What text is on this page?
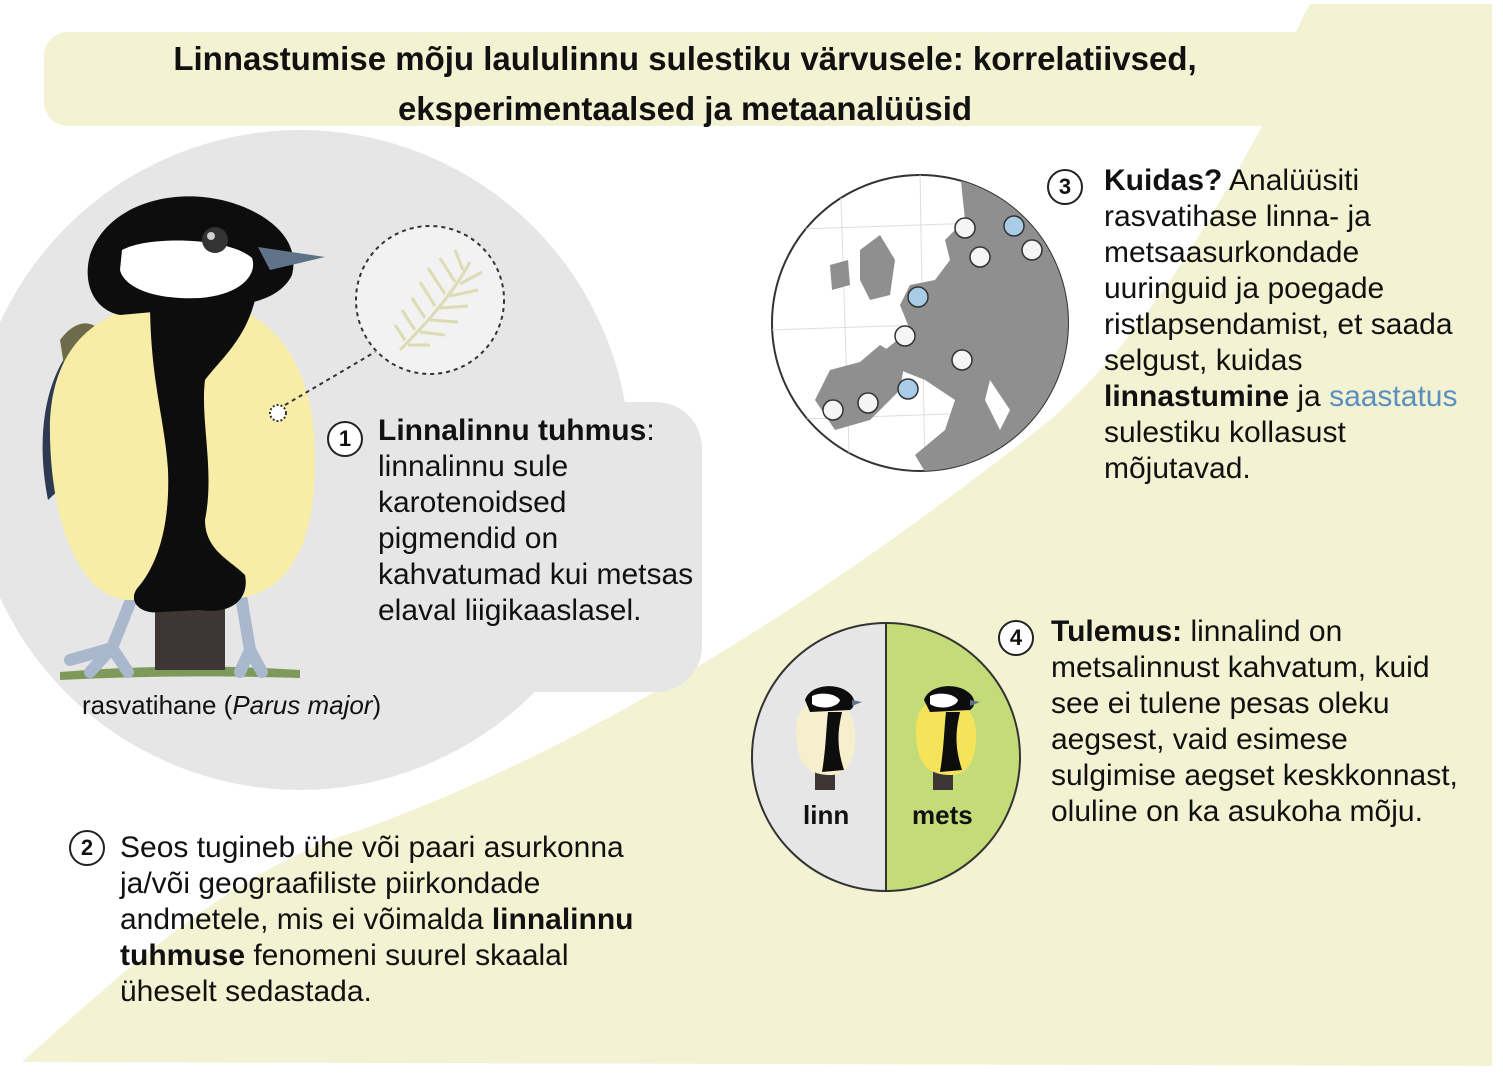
Linnastumise mõju laululinnu sulestiku värvusele: korrelatiivsed,
eksperimentaalsed ja metaanalüüsid
1 Linnalinnu tuhmus: linnalinnu sule karotenoidsed pigmendid on kahvatumad kui metsas elaval liigikaaslasel.
rasvatihane (Parus major)
2 Seos tugineb ühe või paari asurkonna ja/või geograafiliste piirkondade andmetele, mis ei võimalda linnalinnu tuhmuse fenomeni suurel skaalal üheselt sedastada.
3	Kuidas? Analüüsiti rasvatihase linna- ja metsaasurkondade uuringuid ja poegade ristlapsendamist, et saada selgust, kuidas linnastumine ja saastatus sulestiku kollasust mõjutavad.
4 Tulemus: linnalind on metsalinnust kahvatum, kuid see ei tulene pesas oleku aegsest, vaid esimese sulgimise aegset keskkonnast, oluline on ka asukoha mõju.
linn mets
